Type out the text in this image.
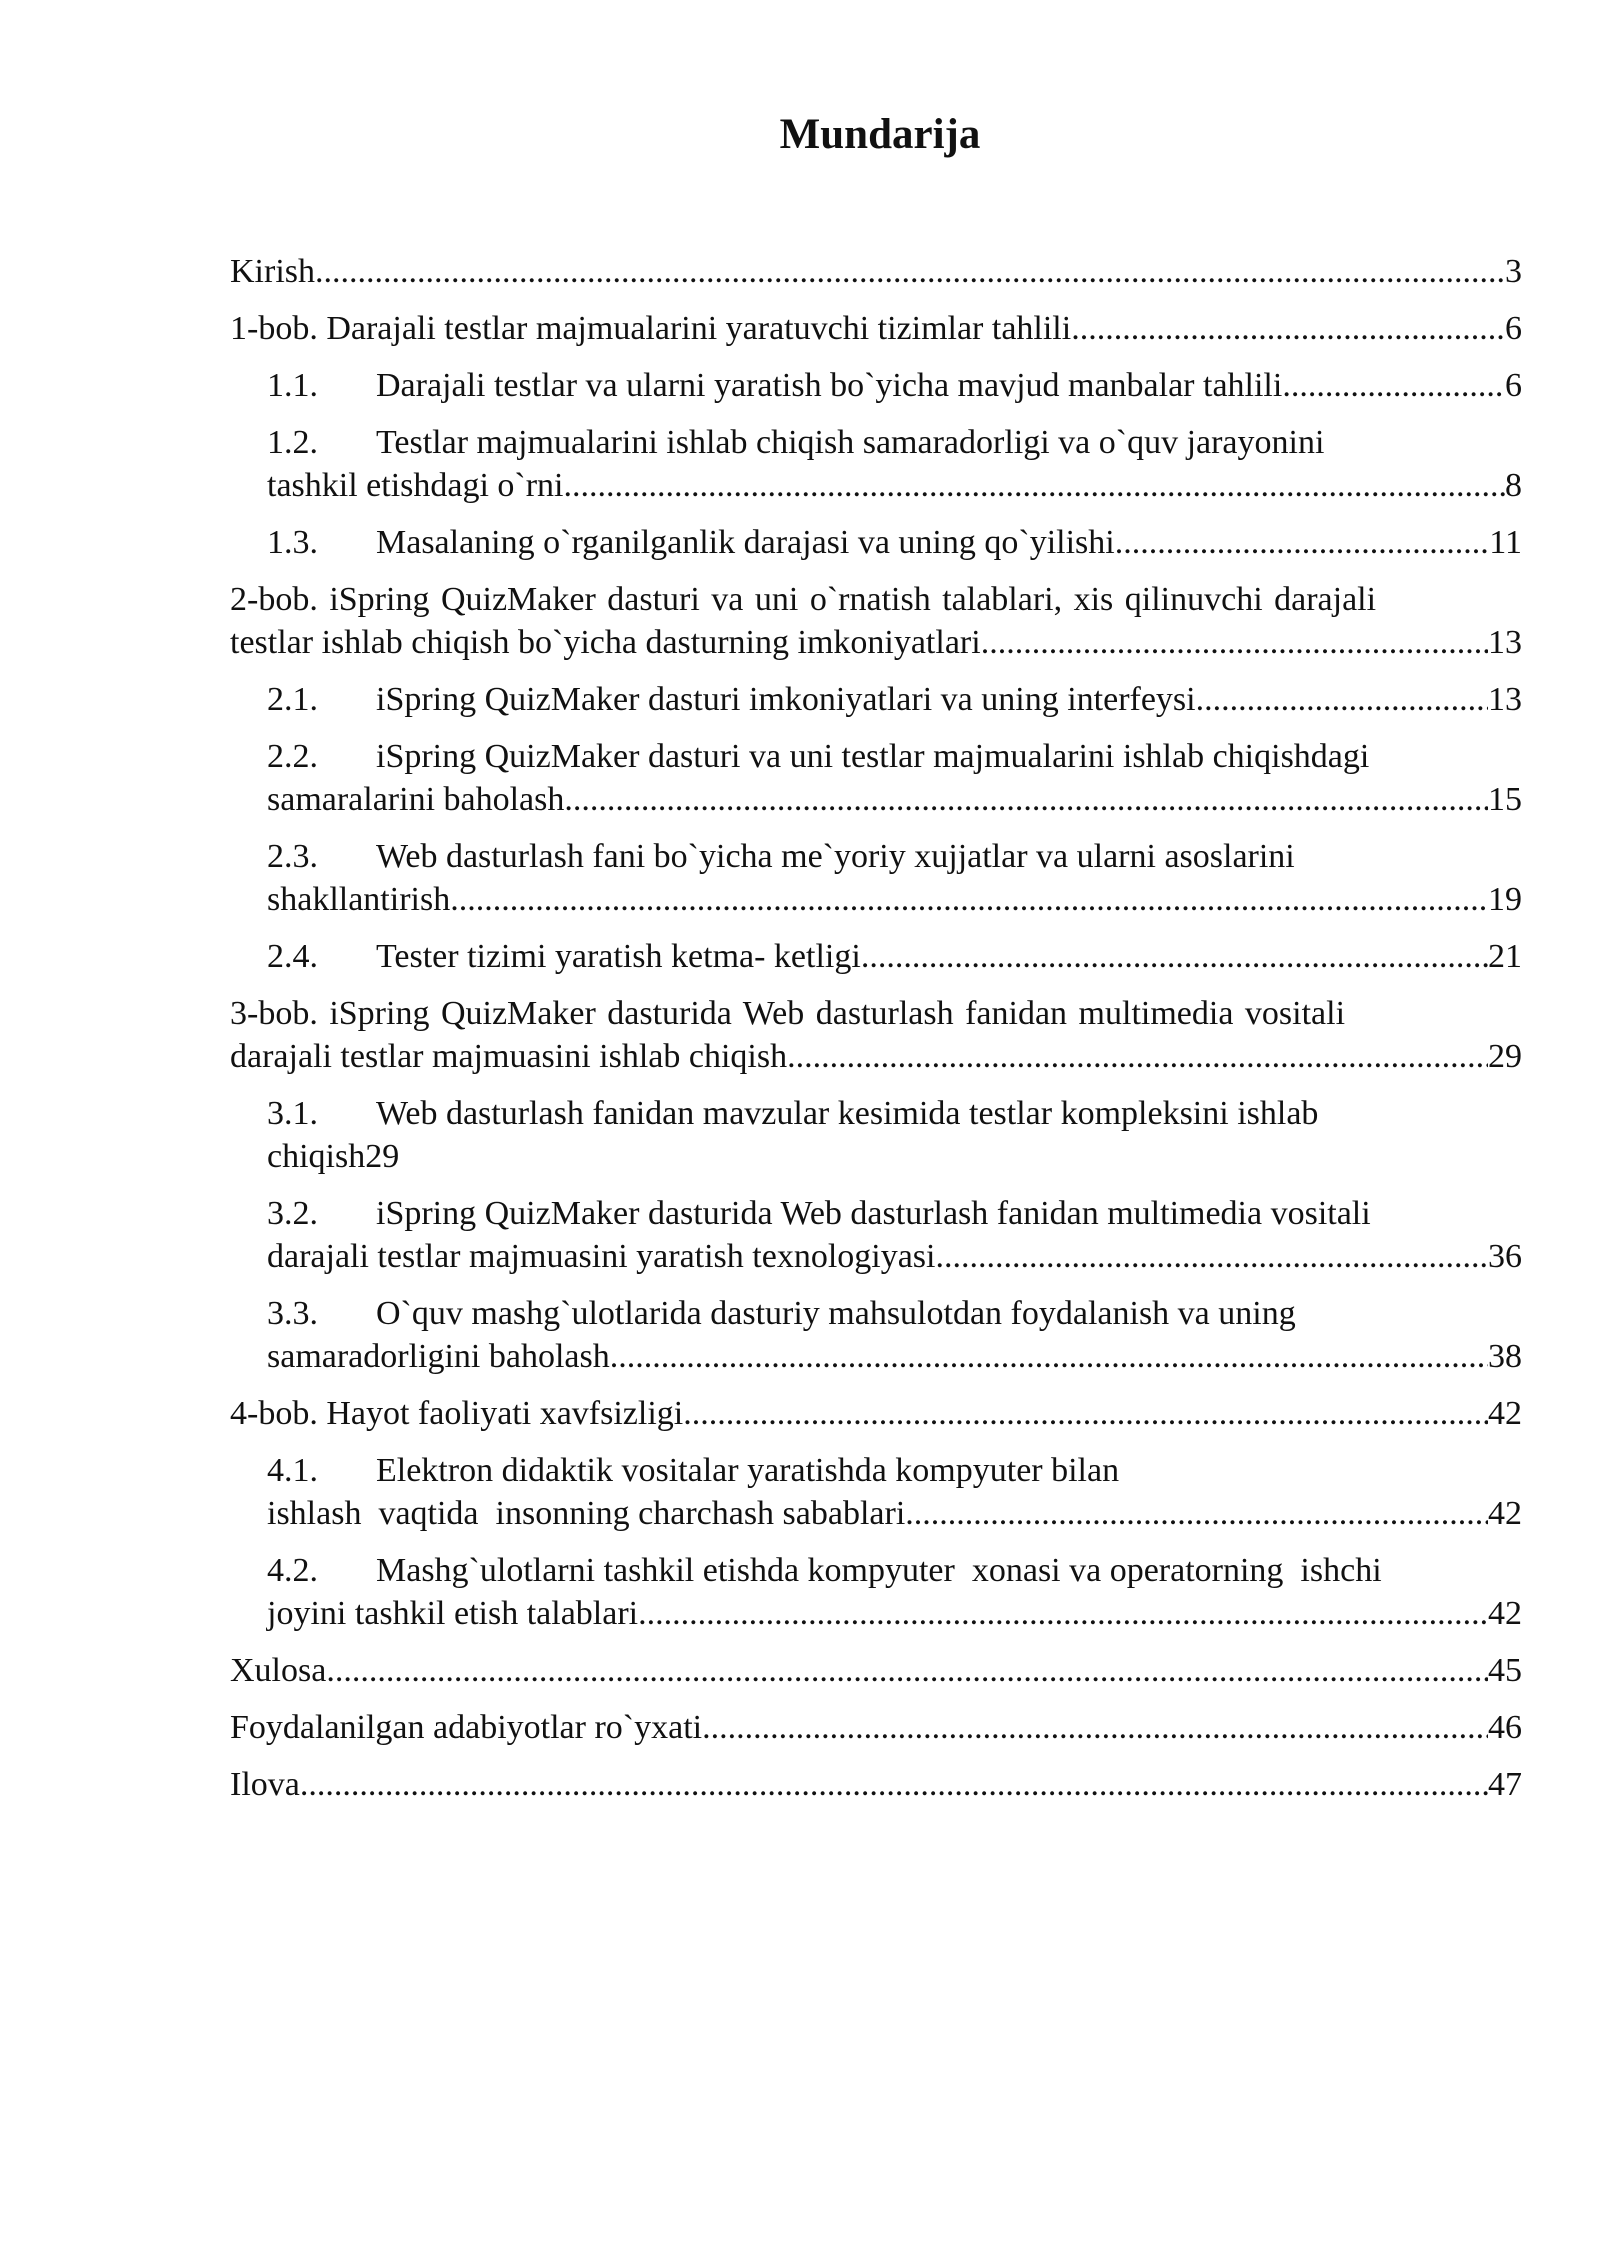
Mundarija
Kirish .....	3
1-bob. Darajali testlar majmualarini yaratuvchi tizimlar tahlili .....	6
1.1.	Darajali testlar va ularni yaratish bo`yicha mavjud manbalar tahlili .....	6
1.2.	Testlar majmualarini ishlab chiqish samaradorligi va o`quv jarayonini
tashkil etishdagi o`rni .....	8
1.3.	Masalaning o`rganilganlik darajasi va uning qo`yilishi .....	11
2-bob. iSpring QuizMaker dasturi va uni o`rnatish talablari, xis qilinuvchi darajali
testlar ishlab chiqish bo`yicha dasturning imkoniyatlari .....	13
2.1.	iSpring QuizMaker dasturi imkoniyatlari va uning interfeysi .....	13
2.2.	iSpring QuizMaker dasturi va uni testlar majmualarini ishlab chiqishdagi
samaralarini baholash .....	15
2.3.	Web dasturlash fani bo`yicha me`yoriy xujjatlar va ularni asoslarini
shakllantirish .....	19
2.4.	Tester tizimi yaratish ketma- ketligi .....	21
3-bob. iSpring QuizMaker dasturida Web dasturlash fanidan multimedia vositali
darajali testlar majmuasini ishlab chiqish .....	29
3.1.	Web dasturlash fanidan mavzular kesimida testlar kompleksini ishlab
chiqish29
3.2.	iSpring QuizMaker dasturida Web dasturlash fanidan multimedia vositali
darajali testlar majmuasini yaratish texnologiyasi .....	36
3.3.	O`quv mashg`ulotlarida dasturiy mahsulotdan foydalanish va uning
samaradorligini baholash .....	38
4-bob. Hayot faoliyati xavfsizligi .....	42
4.1.	Elektron didaktik vositalar yaratishda kompyuter bilan
ishlash  vaqtida  insonning charchash sabablari .....	42
4.2.	Mashg`ulotlarni tashkil etishda kompyuter  xonasi va operatorning  ishchi
joyini tashkil etish talablari .....	42
Xulosa .....	45
Foydalanilgan adabiyotlar ro`yxati .....	46
Ilova .....	47
